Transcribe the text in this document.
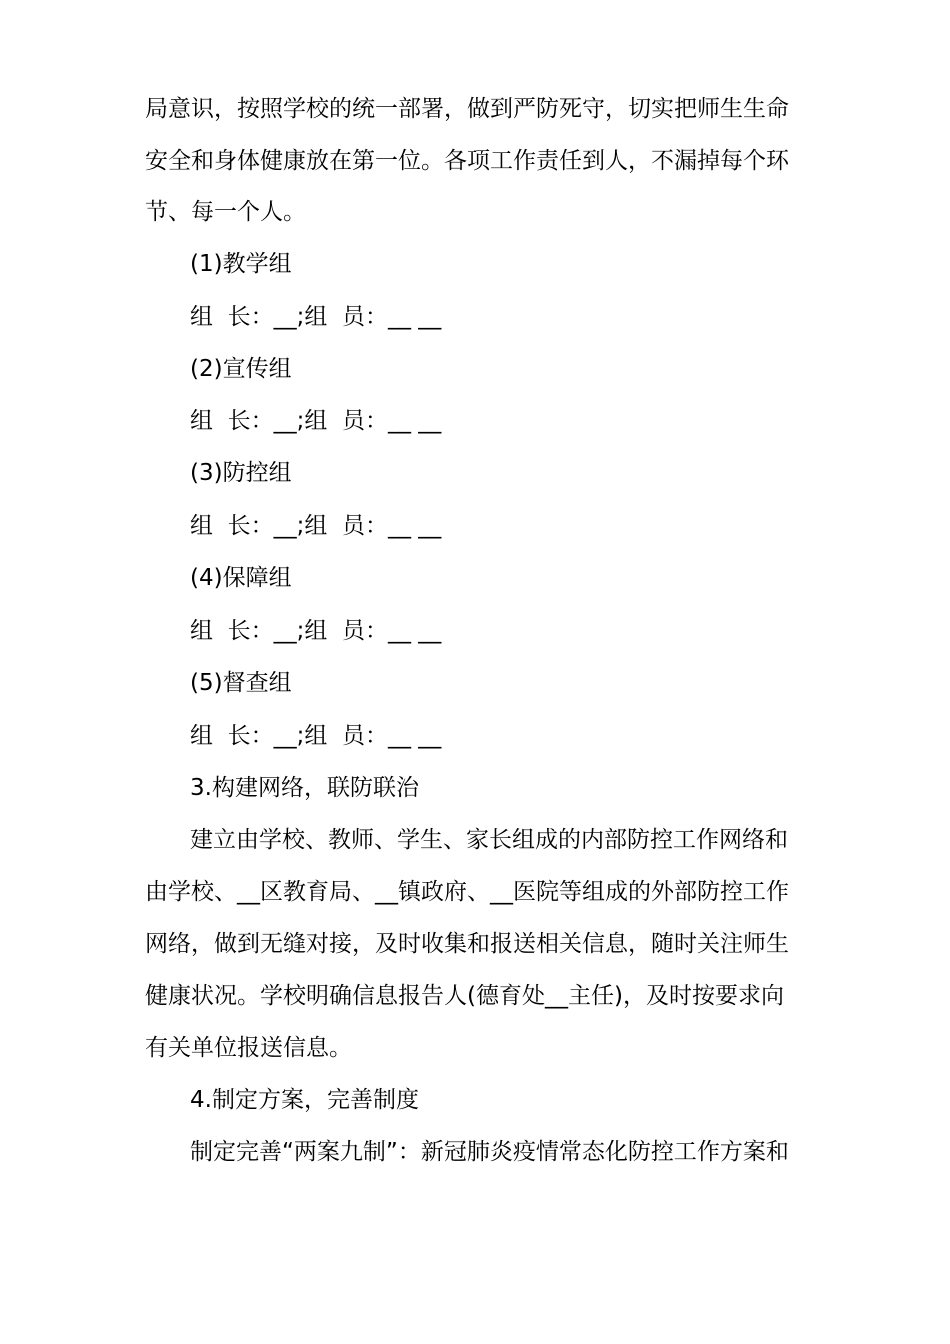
局意识，按照学校的统一部署，做到严防死守，切实把师生生命
安全和身体健康放在第一位。各项工作责任到人，不漏掉每个环
节、每一个人。
(1)教学组
组  长：__;组  员：__ __
(2)宣传组
组  长：__;组  员：__ __
(3)防控组
组  长：__;组  员：__ __
(4)保障组
组  长：__;组  员：__ __
(5)督查组
组  长：__;组  员：__ __
3.构建网络，联防联治
建立由学校、教师、学生、家长组成的内部防控工作网络和
由学校、__区教育局、__镇政府、__医院等组成的外部防控工作
网络，做到无缝对接，及时收集和报送相关信息，随时关注师生
健康状况。学校明确信息报告人(德育处__主任)，及时按要求向
有关单位报送信息。
4.制定方案，完善制度
制定完善“两案九制”：新冠肺炎疫情常态化防控工作方案和
